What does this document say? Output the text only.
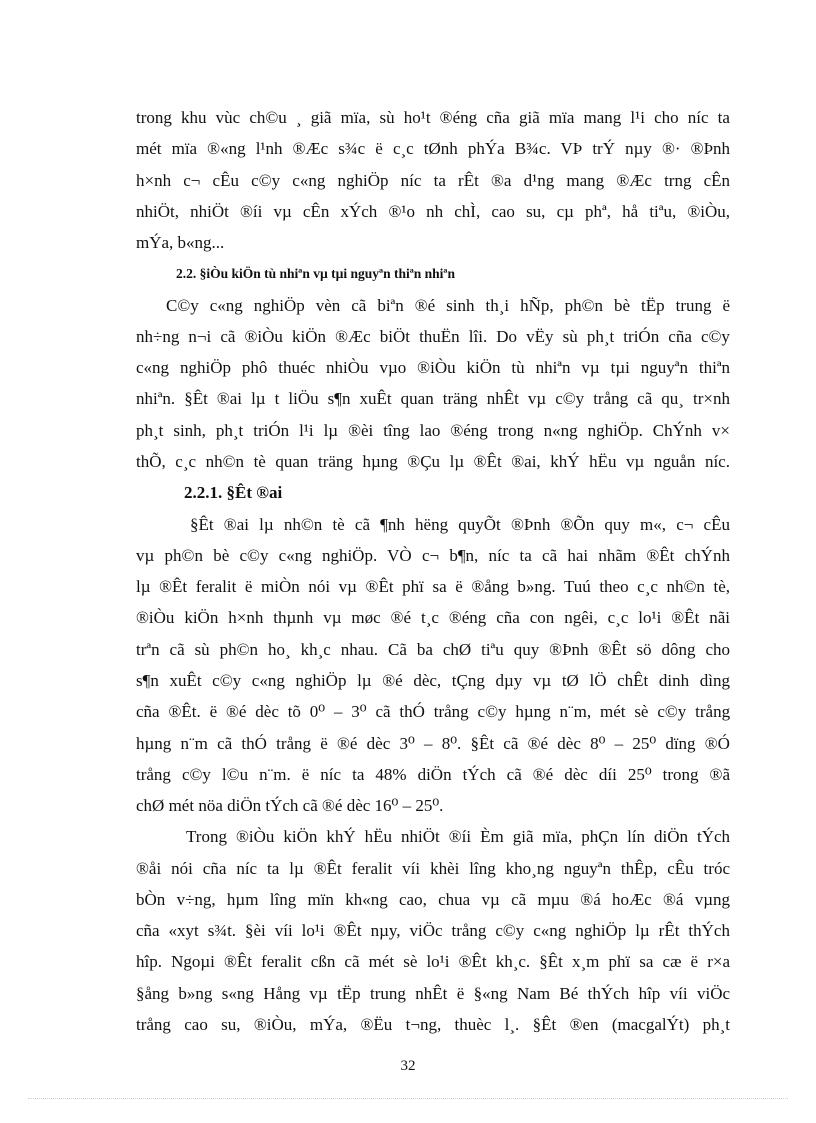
32
trong khu vùc ch©u ¸ giã mïa, sù ho¹t ®éng cña giã mïa mang l¹i cho níc ta
mét mïa ®«ng l¹nh ®Æc s¾c ë c¸c tØnh phÝa B¾c. VÞ trÝ nµy ®· ®Þnh
h×nh c¬ cÊu c©y c«ng nghiÖp níc ta rÊt ®a d¹ng mang ®Æc trng cÊn
nhiÖt, nhiÖt ®íi vµ cÊn xÝch ®¹o nh chÌ, cao su, cµ phª, hå tiªu, ®iÒu,
mÝa, b«ng...
2.2. §iÒu kiÖn tù nhiªn vµ tµi nguyªn thiªn nhiªn
C©y c«ng nghiÖp vèn cã biªn ®é sinh th¸i hÑp, ph©n bè tËp trung ë
nh÷ng n¬i cã ®iÒu kiÖn ®Æc biÖt thuËn lîi. Do vËy sù ph¸t triÓn cña c©y
c«ng nghiÖp phô thuéc nhiÒu vµo ®iÒu kiÖn tù nhiªn vµ tµi nguyªn thiªn
nhiªn. §Êt ®ai lµ t liÖu s¶n xuÊt quan träng nhÊt vµ c©y trång cã qu¸ tr×nh
ph¸t sinh, ph¸t triÓn l¹i lµ ®èi tîng lao ®éng trong n«ng nghiÖp. ChÝnh v×
thÕ, c¸c nh©n tè quan träng hµng ®Çu lµ ®Êt ®ai, khÝ hËu vµ nguån níc.
2.2.1. §Êt ®ai
§Êt ®ai lµ nh©n tè cã ¶nh hëng quyÕt ®Þnh ®Õn quy m«, c¬ cÊu
vµ ph©n bè c©y c«ng nghiÖp. VÒ c¬ b¶n, níc ta cã hai nhãm ®Êt chÝnh
lµ ®Êt feralit ë miÒn nói vµ ®Êt phï sa ë ®ång b»ng. Tuú theo c¸c nh©n tè,
®iÒu kiÖn h×nh thµnh vµ møc ®é t¸c ®éng cña con ngêi, c¸c lo¹i ®Êt nãi
trªn cã sù ph©n ho¸ kh¸c nhau. Cã ba chØ tiªu quy ®Þnh ®Êt sö dông cho
s¶n xuÊt c©y c«ng nghiÖp lµ ®é dèc, tÇng dµy vµ tØ lÖ chÊt dinh dìng
cña ®Êt. ë ®é dèc tõ 0⁰ – 3⁰ cã thÓ trång c©y hµng n¨m, mét sè c©y trång
hµng n¨m cã thÓ trång ë ®é dèc 3⁰ – 8⁰. §Êt cã ®é dèc 8⁰ – 25⁰ dïng ®Ó
trång c©y l©u n¨m. ë níc ta 48% diÖn tÝch cã ®é dèc díi 25⁰ trong ®ã
chØ mét nöa diÖn tÝch cã ®é dèc 16⁰ – 25⁰.
Trong ®iÒu kiÖn khÝ hËu nhiÖt ®íi Èm giã mïa, phÇn lín diÖn tÝch
®åi nói cña níc ta lµ ®Êt feralit víi khèi lîng kho¸ng nguyªn thÊp, cÊu tróc
bÒn v÷ng, hµm lîng mïn kh«ng cao, chua vµ cã mµu ®á hoÆc ®á vµng
cña «xyt s¾t. §èi víi lo¹i ®Êt nµy, viÖc trång c©y c«ng nghiÖp lµ rÊt thÝch
hîp. Ngoµi ®Êt feralit cßn cã mét sè lo¹i ®Êt kh¸c. §Êt x¸m phï sa cæ ë r×a
§ång b»ng s«ng Hång vµ tËp trung nhÊt ë §«ng Nam Bé thÝch hîp víi viÖc
trång cao su, ®iÒu, mÝa, ®Ëu t¬ng, thuèc l¸. §Êt ®en (macgalÝt) ph¸t
